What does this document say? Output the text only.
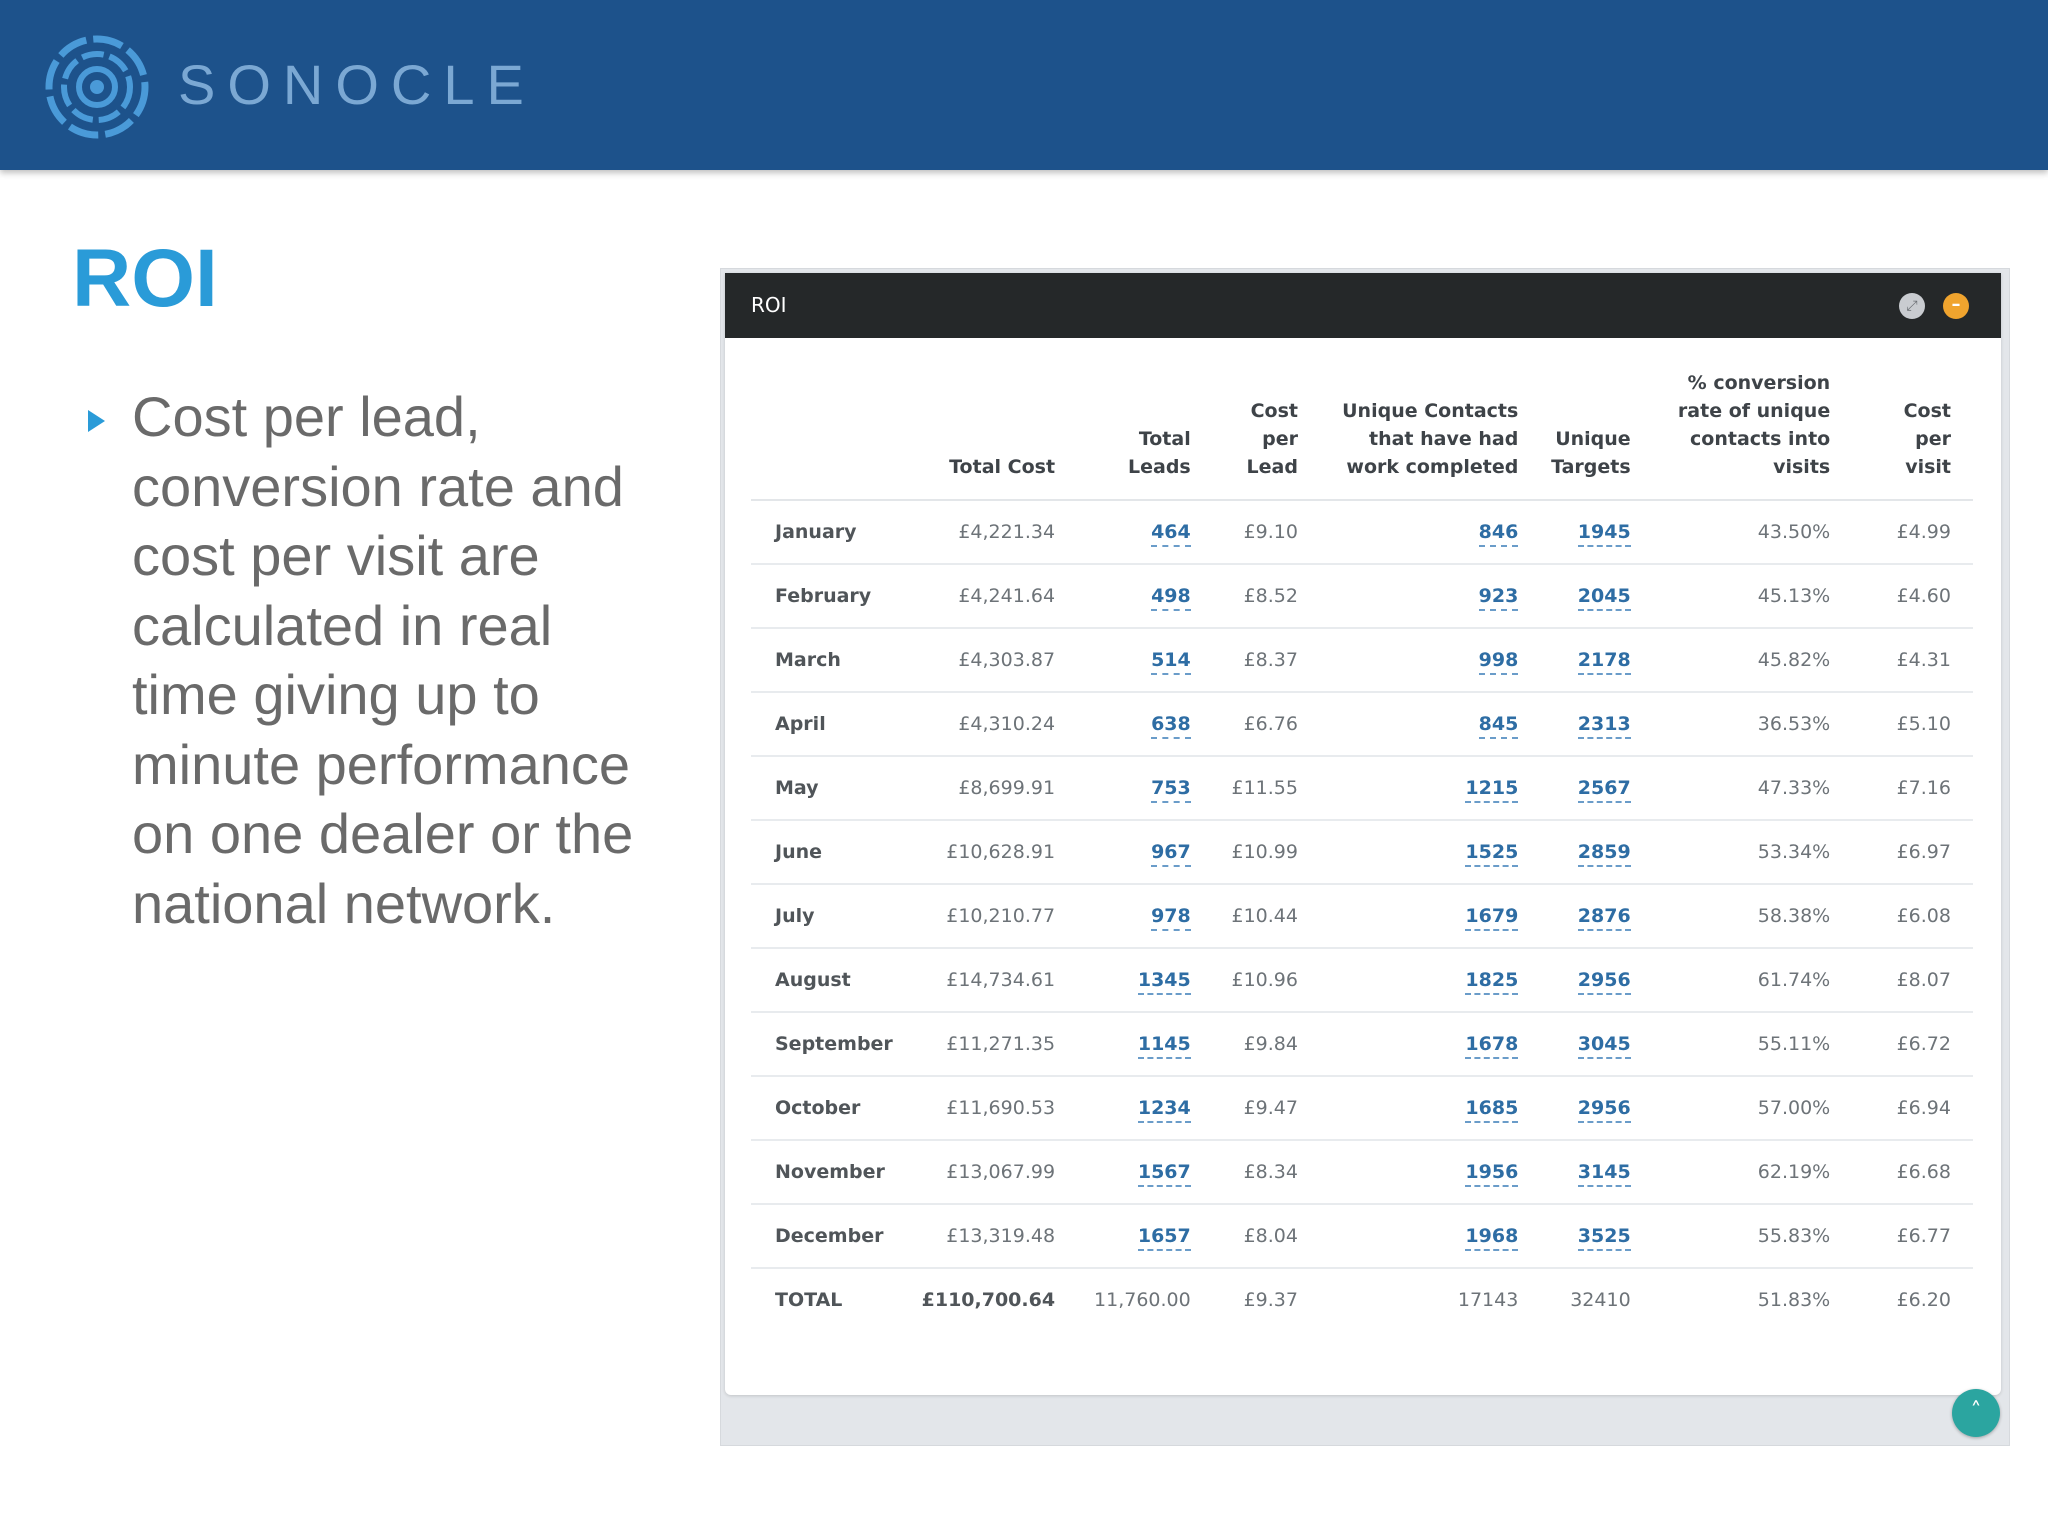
SONOCLE
ROI
Cost per lead, conversion rate and cost per visit are calculated in real time giving up to minute performance on one dealer or the national network.
ROI	⤢	–
	Total Cost	Total Leads	Cost per Lead	Unique Contacts that have had work completed	Unique Targets	% conversion rate of unique contacts into visits	Cost per visit

January	£4,221.34	464	£9.10	846	1945	43.50%	£4.99
February	£4,241.64	498	£8.52	923	2045	45.13%	£4.60
March	£4,303.87	514	£8.37	998	2178	45.82%	£4.31
April	£4,310.24	638	£6.76	845	2313	36.53%	£5.10
May	£8,699.91	753	£11.55	1215	2567	47.33%	£7.16
June	£10,628.91	967	£10.99	1525	2859	53.34%	£6.97
July	£10,210.77	978	£10.44	1679	2876	58.38%	£6.08
August	£14,734.61	1345	£10.96	1825	2956	61.74%	£8.07
September	£11,271.35	1145	£9.84	1678	3045	55.11%	£6.72
October	£11,690.53	1234	£9.47	1685	2956	57.00%	£6.94
November	£13,067.99	1567	£8.34	1956	3145	62.19%	£6.68
December	£13,319.48	1657	£8.04	1968	3525	55.83%	£6.77
TOTAL	£110,700.64	11,760.00	£9.37	17143	32410	51.83%	£6.20
˄
